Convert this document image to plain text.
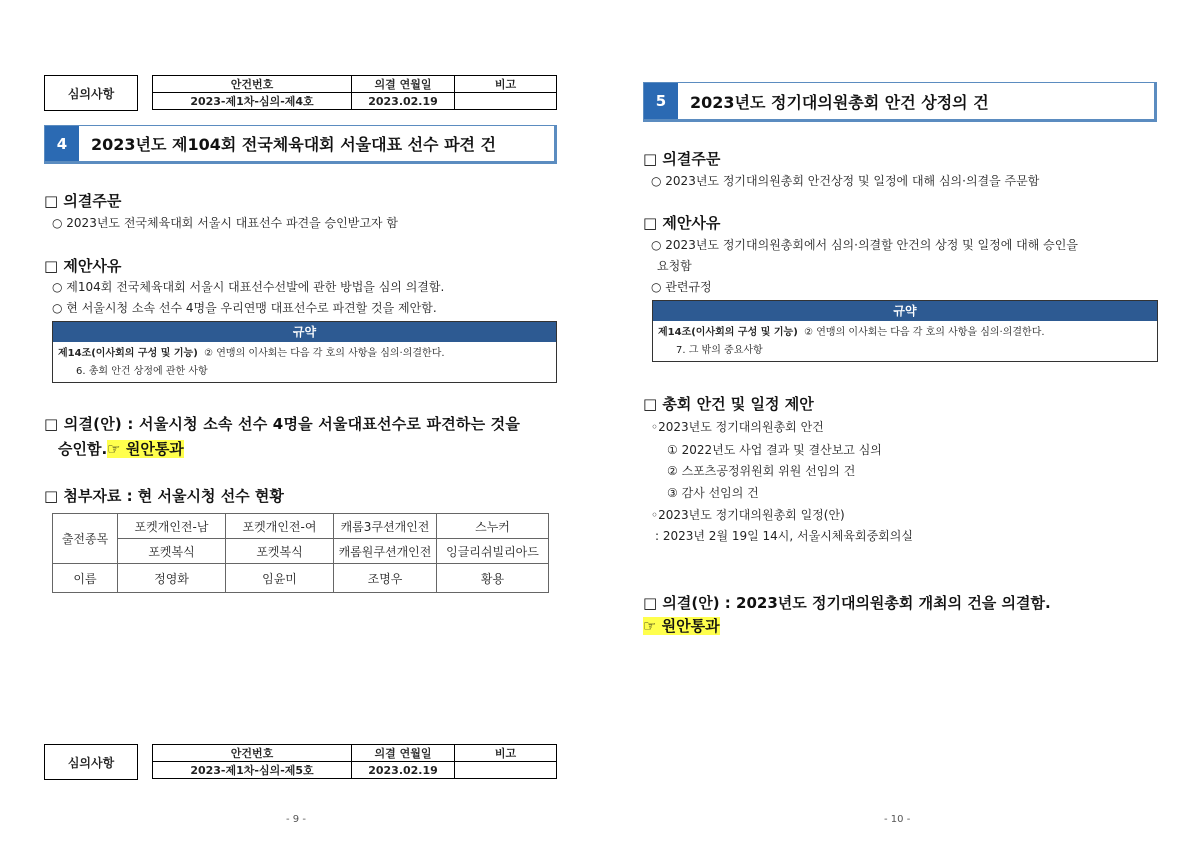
심의사항
안건번호	의결 연월일	비고
2023-제1차-심의-제4호	2023.02.19	
4	2023년도 제104회 전국체육대회 서울대표 선수 파견 건
□ 의결주문
○ 2023년도 전국체육대회 서울시 대표선수 파견을 승인받고자 함
□ 제안사유
○ 제104회 전국체육대회 서울시 대표선수선발에 관한 방법을 심의 의결함.
○ 현 서울시청 소속 선수 4명을 우리연맹 대표선수로 파견할 것을 제안함.
규약
제14조(이사회의 구성 및 기능) ② 연맹의 이사회는 다음 각 호의 사항을 심의·의결한다.
6. 총회 안건 상정에 관한 사항
□ 의결(안) : 서울시청 소속 선수 4명을 서울대표선수로 파견하는 것을
승인함.☞ 원안통과
□ 첨부자료 : 현 서울시청 선수 현황
출전종목	포켓개인전-남	포켓개인전-여	캐롬3쿠션개인전	스누커
	포켓복식	포켓복식	캐롬원쿠션개인전	잉글리쉬빌리아드
이름	정영화	임윤미	조명우	황용
심의사항
안건번호	의결 연월일	비고
2023-제1차-심의-제5호	2023.02.19	
- 9 -
5	2023년도 정기대의원총회 안건 상정의 건
□ 의결주문
○ 2023년도 정기대의원총회 안건상정 및 일정에 대해 심의·의결을 주문함
□ 제안사유
○ 2023년도 정기대의원총회에서 심의·의결할 안건의 상정 및 일정에 대해 승인을
요청함
○ 관련규정
규약
제14조(이사회의 구성 및 기능) ② 연맹의 이사회는 다음 각 호의 사항을 심의·의결한다.
7. 그 밖의 중요사항
□ 총회 안건 및 일정 제안
◦2023년도 정기대의원총회 안건
① 2022년도 사업 결과 및 결산보고 심의
② 스포츠공정위원회 위원 선임의 건
③ 감사 선임의 건
◦2023년도 정기대의원총회 일정(안)
: 2023년 2월 19일 14시, 서울시체육회중회의실
□ 의결(안) : 2023년도 정기대의원총회 개최의 건을 의결함.
☞ 원안통과
- 10 -
